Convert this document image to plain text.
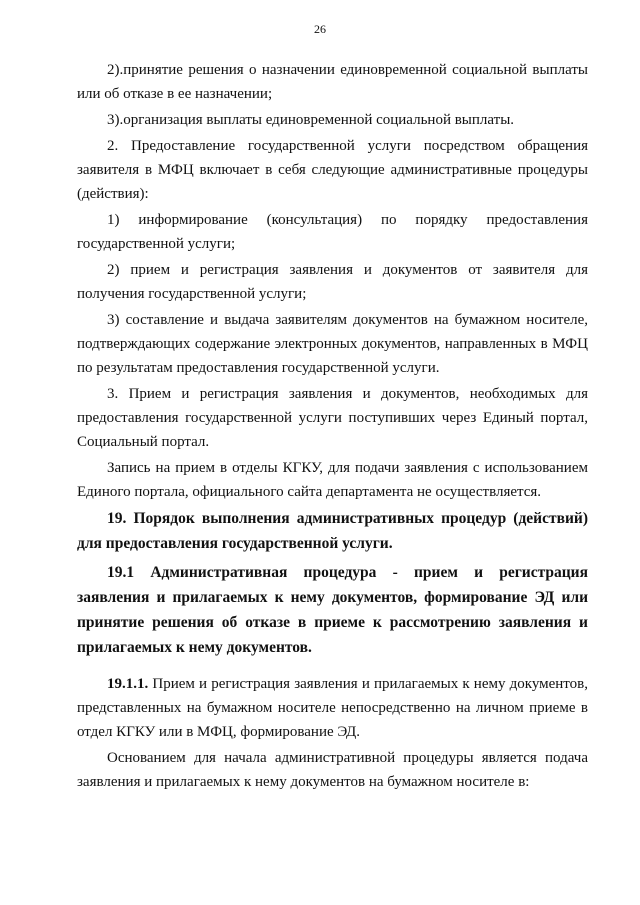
26

2).принятие решения о назначении единовременной социальной выплаты или об отказе в ее назначении;

3).организация выплаты единовременной социальной выплаты.

2. Предоставление государственной услуги посредством обращения заявителя в МФЦ включает в себя следующие административные процедуры (действия):

1) информирование (консультация) по порядку предоставления государственной услуги;

2) прием и регистрация заявления и документов от заявителя для получения государственной услуги;

3) составление и выдача заявителям документов на бумажном носителе, подтверждающих содержание электронных документов, направленных в МФЦ по результатам предоставления государственной услуги.

3. Прием и регистрация заявления и документов, необходимых для предоставления государственной услуги поступивших через Единый портал, Социальный портал.

Запись на прием в отделы КГКУ, для подачи заявления с использованием Единого портала, официального сайта департамента не осуществляется.

19. Порядок выполнения административных процедур (действий) для предоставления государственной услуги.

19.1 Административная процедура - прием и регистрация заявления и прилагаемых к нему документов, формирование ЭД или принятие решения об отказе в приеме к рассмотрению заявления и прилагаемых к нему документов.

19.1.1. Прием и регистрация заявления и прилагаемых к нему документов, представленных на бумажном носителе непосредственно на личном приеме в отдел КГКУ или в МФЦ, формирование ЭД.

Основанием для начала административной процедуры является подача заявления и прилагаемых к нему документов на бумажном носителе в:
